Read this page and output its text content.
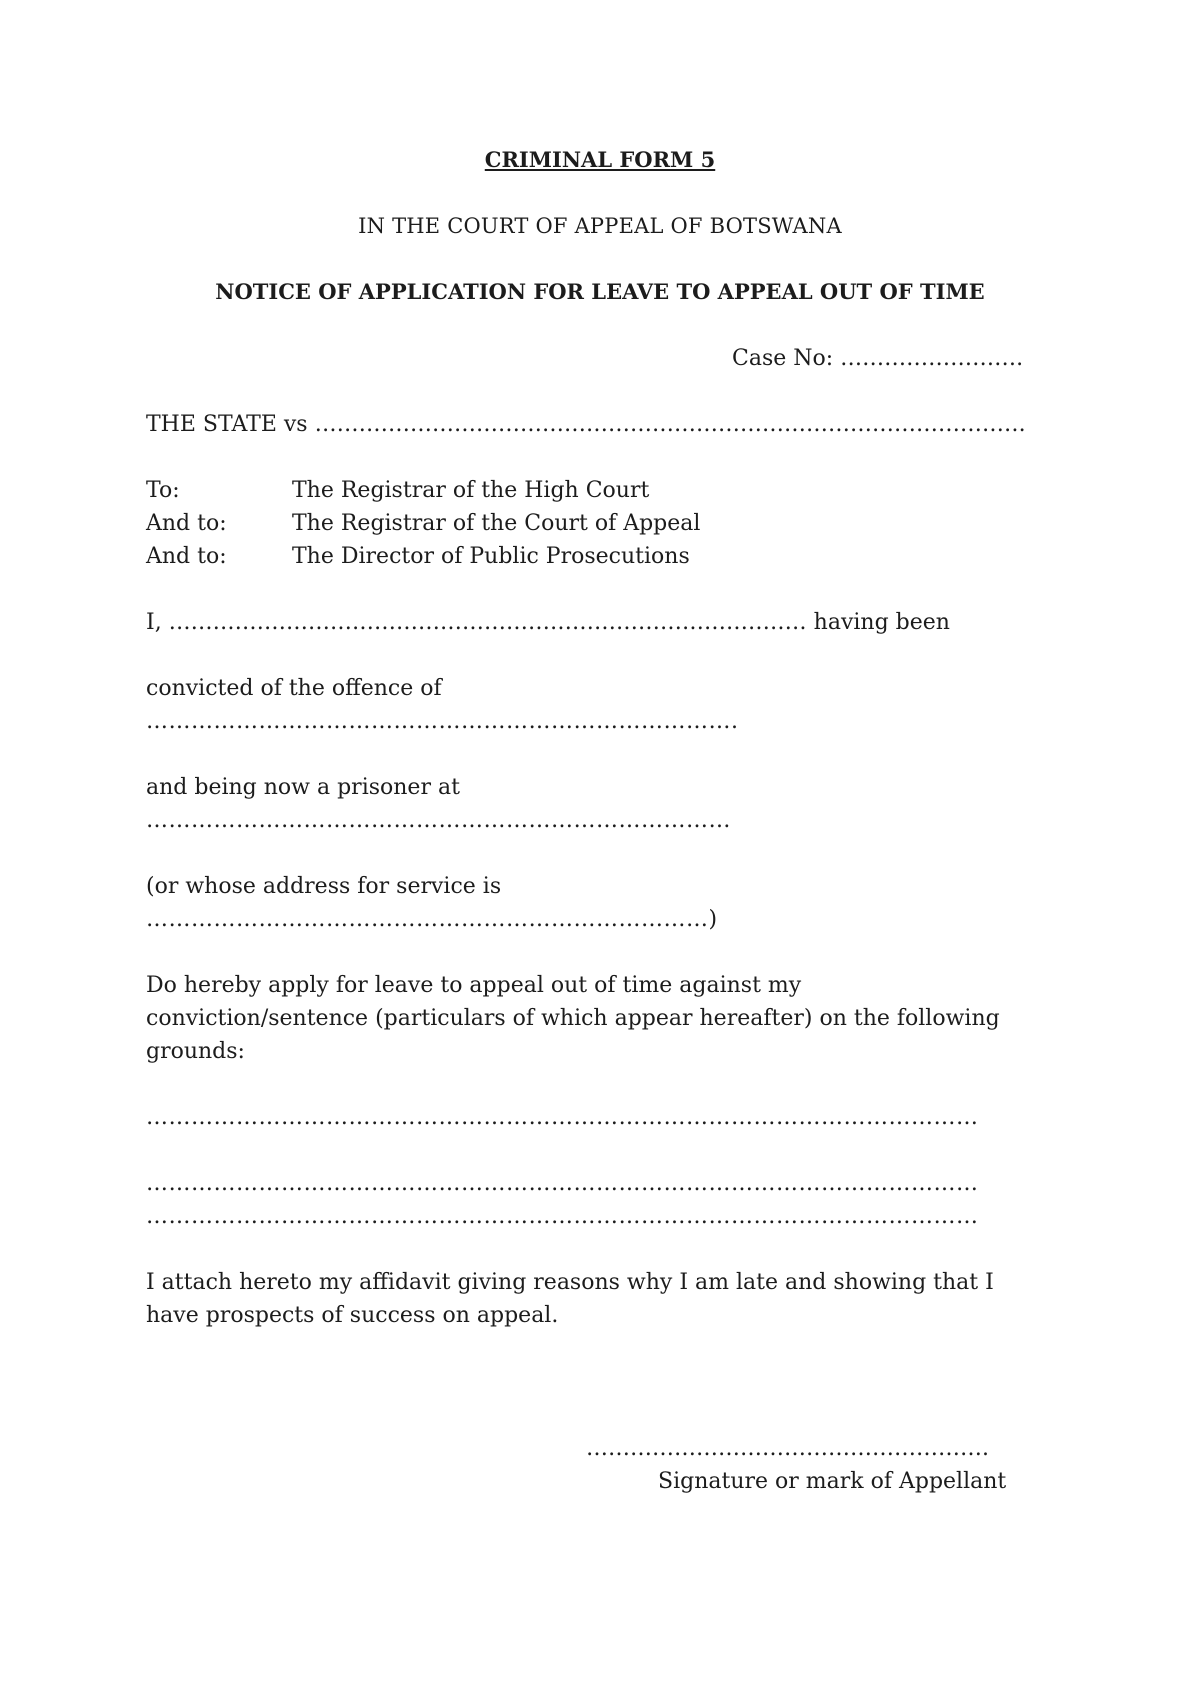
CRIMINAL FORM 5
IN THE COURT OF APPEAL OF BOTSWANA
NOTICE OF APPLICATION FOR LEAVE TO APPEAL OUT OF TIME
Case No: …………………….
THE STATE vs …………………………………………………………………………………….
To:	The Registrar of the High Court
And to:	The Registrar of the Court of Appeal
And to:	The Director of Public Prosecutions
I, …………………………………………………………………………… having been
convicted of the offence of
…………………………………………………………………….
and being now a prisoner at
……………………………………………………………………
(or whose address for service is
…………………………………………………………………)
Do hereby apply for leave to appeal out of time against my
conviction/sentence (particulars of which appear hereafter) on the following
grounds:
…………………………………………………………………………………………………
…………………………………………………………………………………………………
…………………………………………………………………………………………………
I attach hereto my affidavit giving reasons why I am late and showing that I
have prospects of success on appeal.
……………………………………………….
Signature or mark of Appellant
